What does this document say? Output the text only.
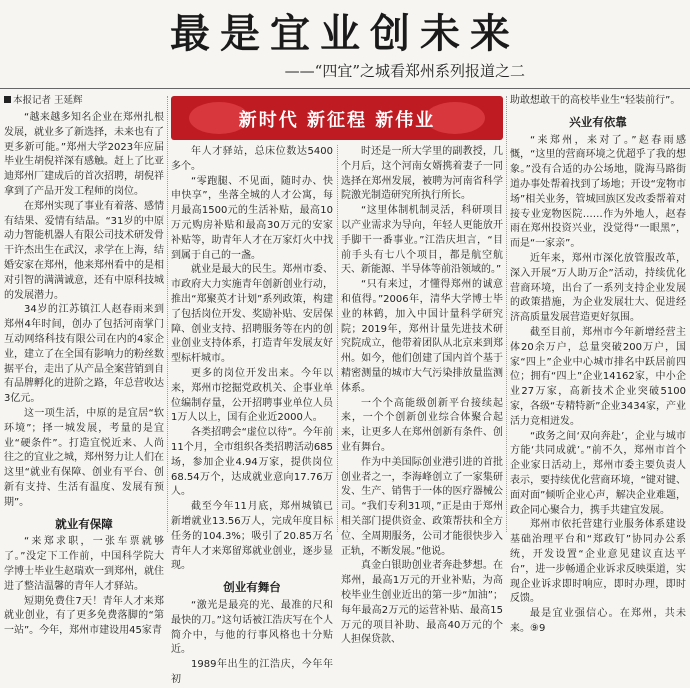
最是宜业创未来
——“四宜”之城看郑州系列报道之二
本报记者 王延辉

“越来越多知名企业在郑州扎根发展，就业多了新选择，未来也有了更多新可能。”郑州大学2023年应届毕业生胡倪祥深有感触。赶上了比亚迪郑州厂建成后的首次招聘，胡倪祥拿到了产品开发工程师的岗位。

在郑州实现了事业有着落、感情有结果、爱情有结晶。“31岁的中原动力智能机器人有限公司技术研发骨干许杰出生在武汉，求学在上海，结婚安家在郑州，他来郑州看中的是相对引智的满满诚意，还有中原科技城的发展潜力。

34岁的江苏镇江人赵春雨来到郑州4年时间，创办了包括河南掌门互动网络科技有限公司在内的4家企业，建立了在全国有影响力的粉丝数据平台，走出了从产品全案营销到自有品牌孵化的进阶之路，年总营收达3亿元。

这一项生活，中原的是宜居“软环境”；择一城发展，考量的是宜业“硬条件”。打造宜悦近来、人尚往之的宜业之城，郑州努力让人们在这里“就业有保障、创业有平台、创新有支持、生活有温度、发展有预期”。

就业有保障

“来郑求职，一张车票就够了。”没定下工作前，中国科学院大学博士毕业生赵瑞欢一到郑州，就住进了整洁温馨的青年人才驿站。

短期免费住7天！青年人才来郑就业创业，有了更多免费落脚的“第一站”。今年，郑州市建设用45家青

新时代 新征程 新伟业

年人才驿站，总床位数达5400多个。

“零跑腿、不见面，随时办、快申快享”，坐落全城的人才公寓，每月最高1500元的生活补贴，最高10万元购房补贴和最高30万元的安家补贴等，助青年人才在万家灯火中找到属于自己的一盏。

就业是最大的民生。郑州市委、市政府大力实施青年创新创业行动，推出“郑聚英才计划”系列政策，构建了包括岗位开发、奖励补贴、安居保障、创业支持、招聘服务等在内的创业创业支持体系，打造青年发展友好型标杆城市。

更多的岗位开发出来。今年以来，郑州市挖掘党政机关、企事业单位编制存量，公开招聘事业单位人员1万人以上，国有企业近2000人。

各类招聘会“虚位以待”。今年前11个月，全市组织各类招聘活动685场，参加企业4.94万家，提供岗位68.54万个，达成就业意向17.76万人。

截至今年11月底，郑州城镇已新增就业13.56万人，完成年度目标任务的104.3%；吸引了20.85万名青年人才来郑留郑就业创业，逐步显现。

创业有舞台

“激光是最亮的光、最准的尺和最快的刀。”这句话被江浩庆写在个人简介中，与他的行事风格也十分贴近。

1989年出生的江浩庆，今年年初

时还是一所大学里的副教授，几个月后，这个河南女婿携着妻子一同选择在郑州发展，被聘为河南省科学院激光制造研究所执行所长。

“这里体制机制灵活，科研项目以产业需求为导向，年轻人更能放开手脚干一番事业。”江浩庆坦言，“目前手头有七八个项目，都是航空航天、新能源、半导体等前沿领域的。”

“只有来过，才懂得郑州的诚意和值得。”2006年，清华大学博士毕业的林鹤，加入中国计量科学研究院；2019年，郑州计量先进技术研究院成立，他带着团队从北京来到郑州。如今，他们创建了国内首个基于精密测量的城市大气污染排放量监测体系。

一个个高能级创新平台接续起来，一个个创新创业综合体聚合起来，让更多人在郑州创新有条件、创业有舞台。

作为中美国际创业港引进的首批创业者之一，李海峰创立了一家集研发、生产、销售于一体的医疗器械公司。“我们专利31项，”正是由于郑州相关部门提供资金、政策帮扶和全方位、全周期服务，公司才能很快步入正轨，不断发展。”他说。

真金白银助创业者奔赴梦想。在郑州，最高1万元的开业补贴，为高校毕业生创业近出的第一步“加油”；每年最高2万元的运营补贴、最高15万元的项目补助、最高40万元的个人担保贷款、

助敢想敢干的高校毕业生“轻装前行”。

兴业有依靠

“来郑州，来对了。”赵春雨感慨，“这里的营商环境之优超乎了我的想象。”没有合适的办公场地，陇海马路街道办事处帮着找到了场地；开设“宠物市场”相关业务，管城回族区发改委帮着对接专业宠物医院……作为外地人，赵春雨在郑州投资兴业，没觉得“一眼黑”，而是“一家亲”。

近年来，郑州市深化放管服改革，深入开展“万人助万企”活动，持续优化营商环境，出台了一系列支持企业发展的政策措施，为企业发展壮大、促进经济高质量发展营造更好氛围。

截至目前，郑州市今年新增经营主体20余万户，总量突破200万户，国家“四上”企业中心城市排名中跃居前四位；拥有“四上”企业14162家，中小企业27万家，高新技术企业突破5100家，各级“专精特新”企业3434家，产业活力竞相迸发。

“政务之间‘双向奔赴’，企业与城市方能‘共同成就’。”前不久，郑州市首个企业家日活动上，郑州市委主要负责人表示，要持续优化营商环境，“键对键、面对面”倾听企业心声，解决企业难题，政企同心聚合力，携手共建宜发展。

郑州市依托营建行业服务体系建设基础治理平台和“郑政钉”协同办公系统，开发设置“企业意见建议直达平台”，进一步畅通企业诉求反映渠道，实现企业诉求即时响应，即时办理，即时反馈。

最是宜业强信心。在郑州，共未来。⑨9
